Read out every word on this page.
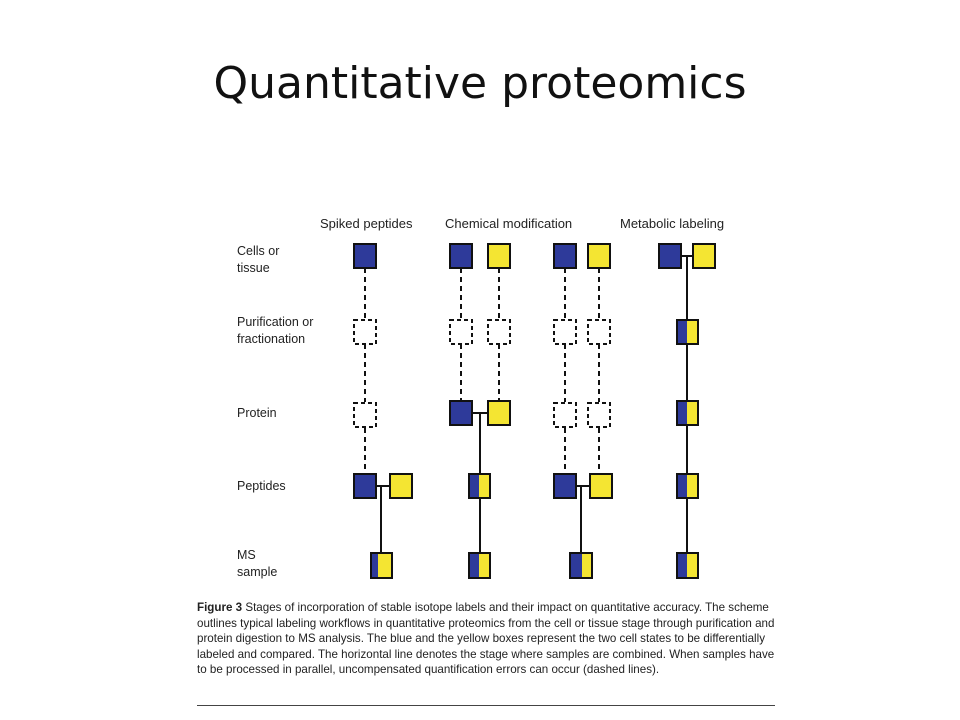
Quantitative proteomics
Spiked peptides Chemical modification	Metabolic labeling
Cells or
tissue
Purification or
fractionation
Protein
Peptides
MS
sample
Figure 3 Stages of incorporation of stable isotope labels and their impact on quantitative accuracy. The scheme outlines typical labeling workflows in quantitative proteomics from the cell or tissue stage through purification and protein digestion to MS analysis. The blue and the yellow boxes represent the two cell states to be differentially labeled and compared. The horizontal line denotes the stage where samples are combined. When samples have to be processed in parallel, uncompensated quantification errors can occur (dashed lines).
